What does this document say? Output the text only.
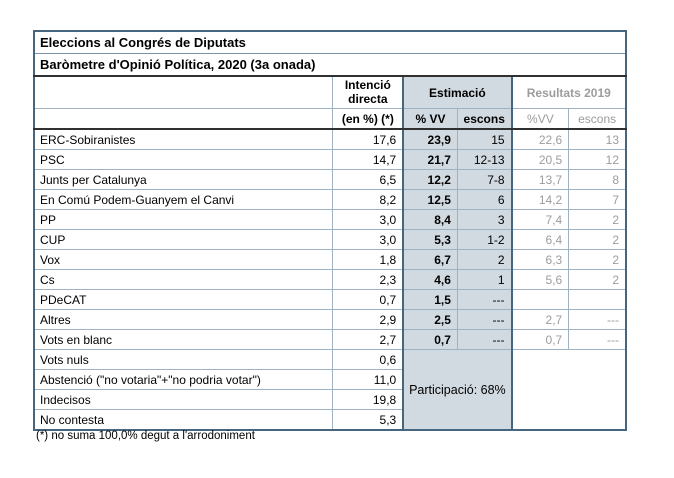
Eleccions al Congrés de Diputats					
Baròmetre d'Opinió Política, 2020 (3a onada)					
	Intenció directa	Estimació		Resultats 2019	
	(en %) (*)	% VV	escons	%VV	escons
ERC-Sobiranistes	17,6	23,9	15	22,6	13
PSC	14,7	21,7	12-13	20,5	12
Junts per Catalunya	6,5	12,2	7-8	13,7	8
En Comú Podem-Guanyem el Canvi	8,2	12,5	6	14,2	7
PP	3,0	8,4	3	7,4	2
CUP	3,0	5,3	1-2	6,4	2
Vox	1,8	6,7	2	6,3	2
Cs	2,3	4,6	1	5,6	2
PDeCAT	0,7	1,5	---		
Altres	2,9	2,5	---	2,7	---
Vots en blanc	2,7	0,7	---	0,7	---
Vots nuls	0,6	Participació: 68%			
Abstenció ("no votaria"+"no podria votar")	11,0				
Indecisos	19,8				
No contesta	5,3				
(*) no suma 100,0% degut a l'arrodoniment
